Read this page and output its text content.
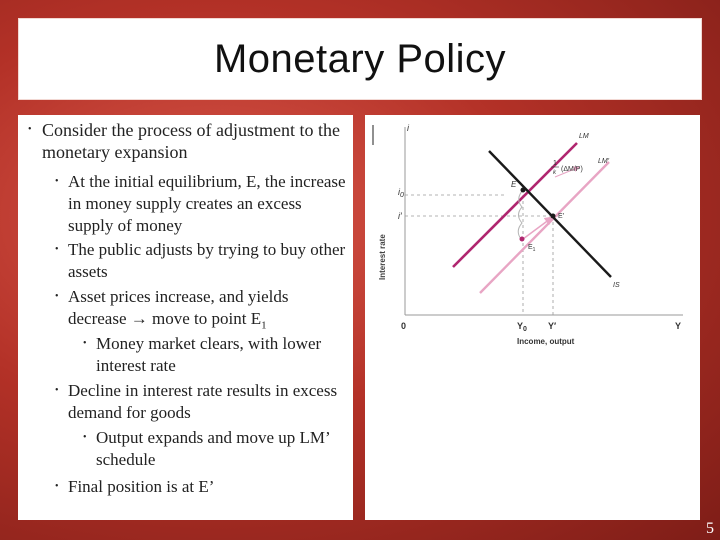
Monetary Policy
• Consider the process of adjustment to the monetary expansion
• At the initial equilibrium, E, the increase in money supply creates an excess supply of money
• The public adjusts by trying to buy other assets
• Asset prices increase, and yields decrease → move to point $E_1$
• Money market clears, with lower interest rate
• Decline in interest rate results in excess demand for goods
• Output expands and move up LM’ schedule
• Final position is at E’
i
Interest rate
$i_0$
i′
0	$Y_0$ Y′	Y
Income, output
LM
LM′
IS
1
k (ΔM/P)
E
$E_1$
E′
5
